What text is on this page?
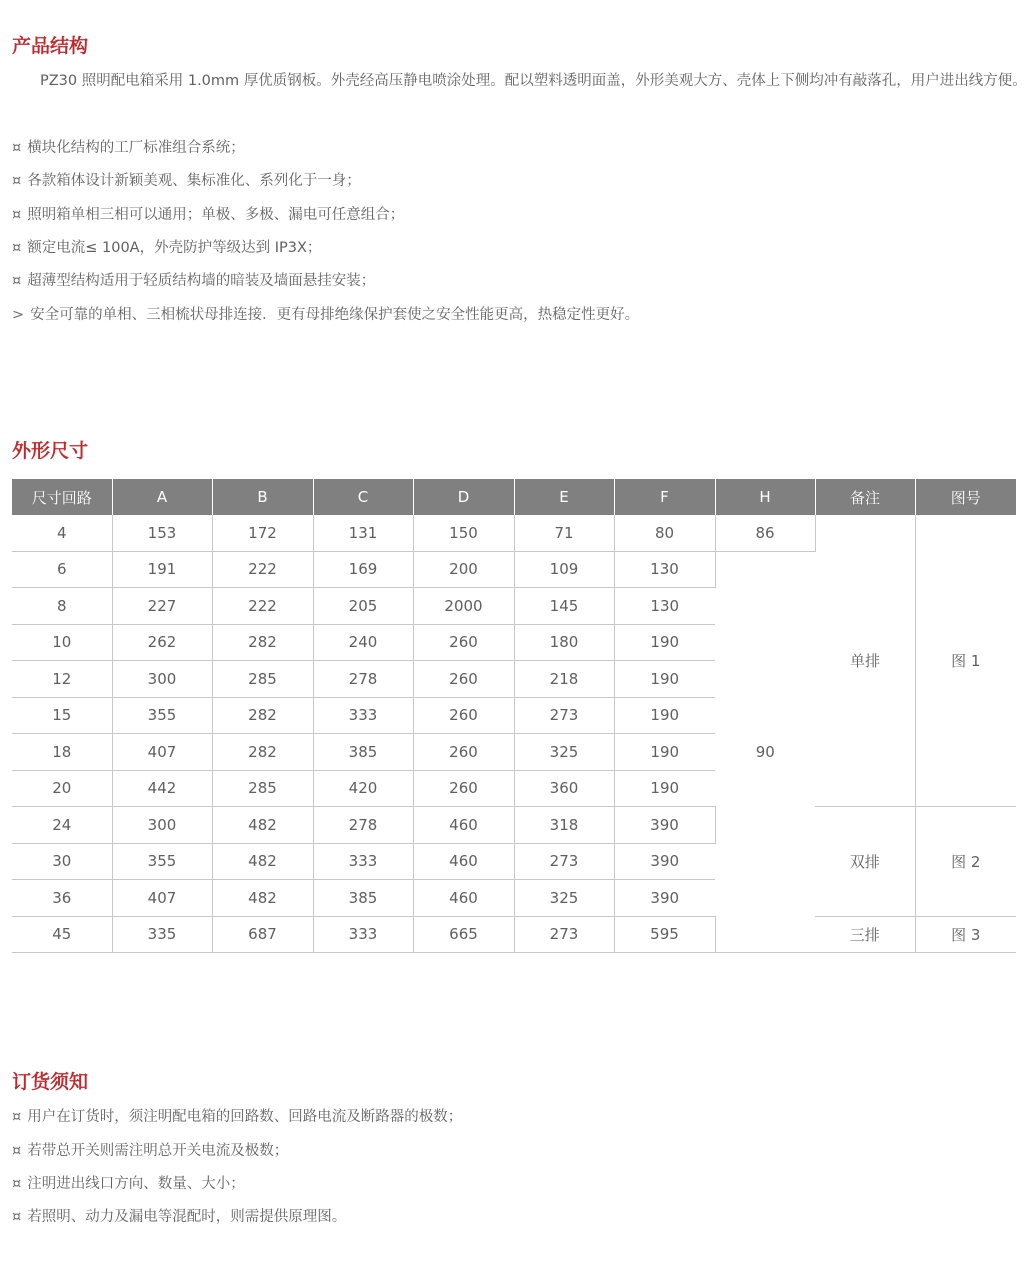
产品结构

PZ30 照明配电箱采用 1.0mm 厚优质钢板。外壳经高压静电喷涂处理。配以塑料透明面盖，外形美观大方、壳体上下侧均冲有敲落孔，用户进出线方便。

¤ 横块化结构的工厂标准组合系统；

¤ 各款箱体设计新颖美观、集标准化、系列化于一身；

¤ 照明箱单相三相可以通用；单极、多极、漏电可任意组合；

¤ 额定电流≤ 100A，外壳防护等级达到 IP3X；

¤ 超薄型结构适用于轻质结构墙的暗装及墙面悬挂安装；

> 安全可靠的单相、三相梳状母排连接．更有母排绝缘保护套使之安全性能更高，热稳定性更好。

外形尺寸
尺寸回路	A	B	C	D	E	F	H	备注	图号
4	153	172	131	150	71	80	86	单排	图 1
6	191	222	169	200	109	130	90		
8	227	222	205	2000	145	130			
10	262	282	240	260	180	190			
12	300	285	278	260	218	190			
15	355	282	333	260	273	190			
18	407	282	385	260	325	190			
20	442	285	420	260	360	190			
24	300	482	278	460	318	390		双排	图 2
30	355	482	333	460	273	390			
36	407	482	385	460	325	390			
45	335	687	333	665	273	595		三排	图 3
订货须知

¤ 用户在订货时，须注明配电箱的回路数、回路电流及断路器的极数；

¤ 若带总开关则需注明总开关电流及极数；

¤ 注明进出线口方向、数量、大小；

¤ 若照明、动力及漏电等混配时，则需提供原理图。
